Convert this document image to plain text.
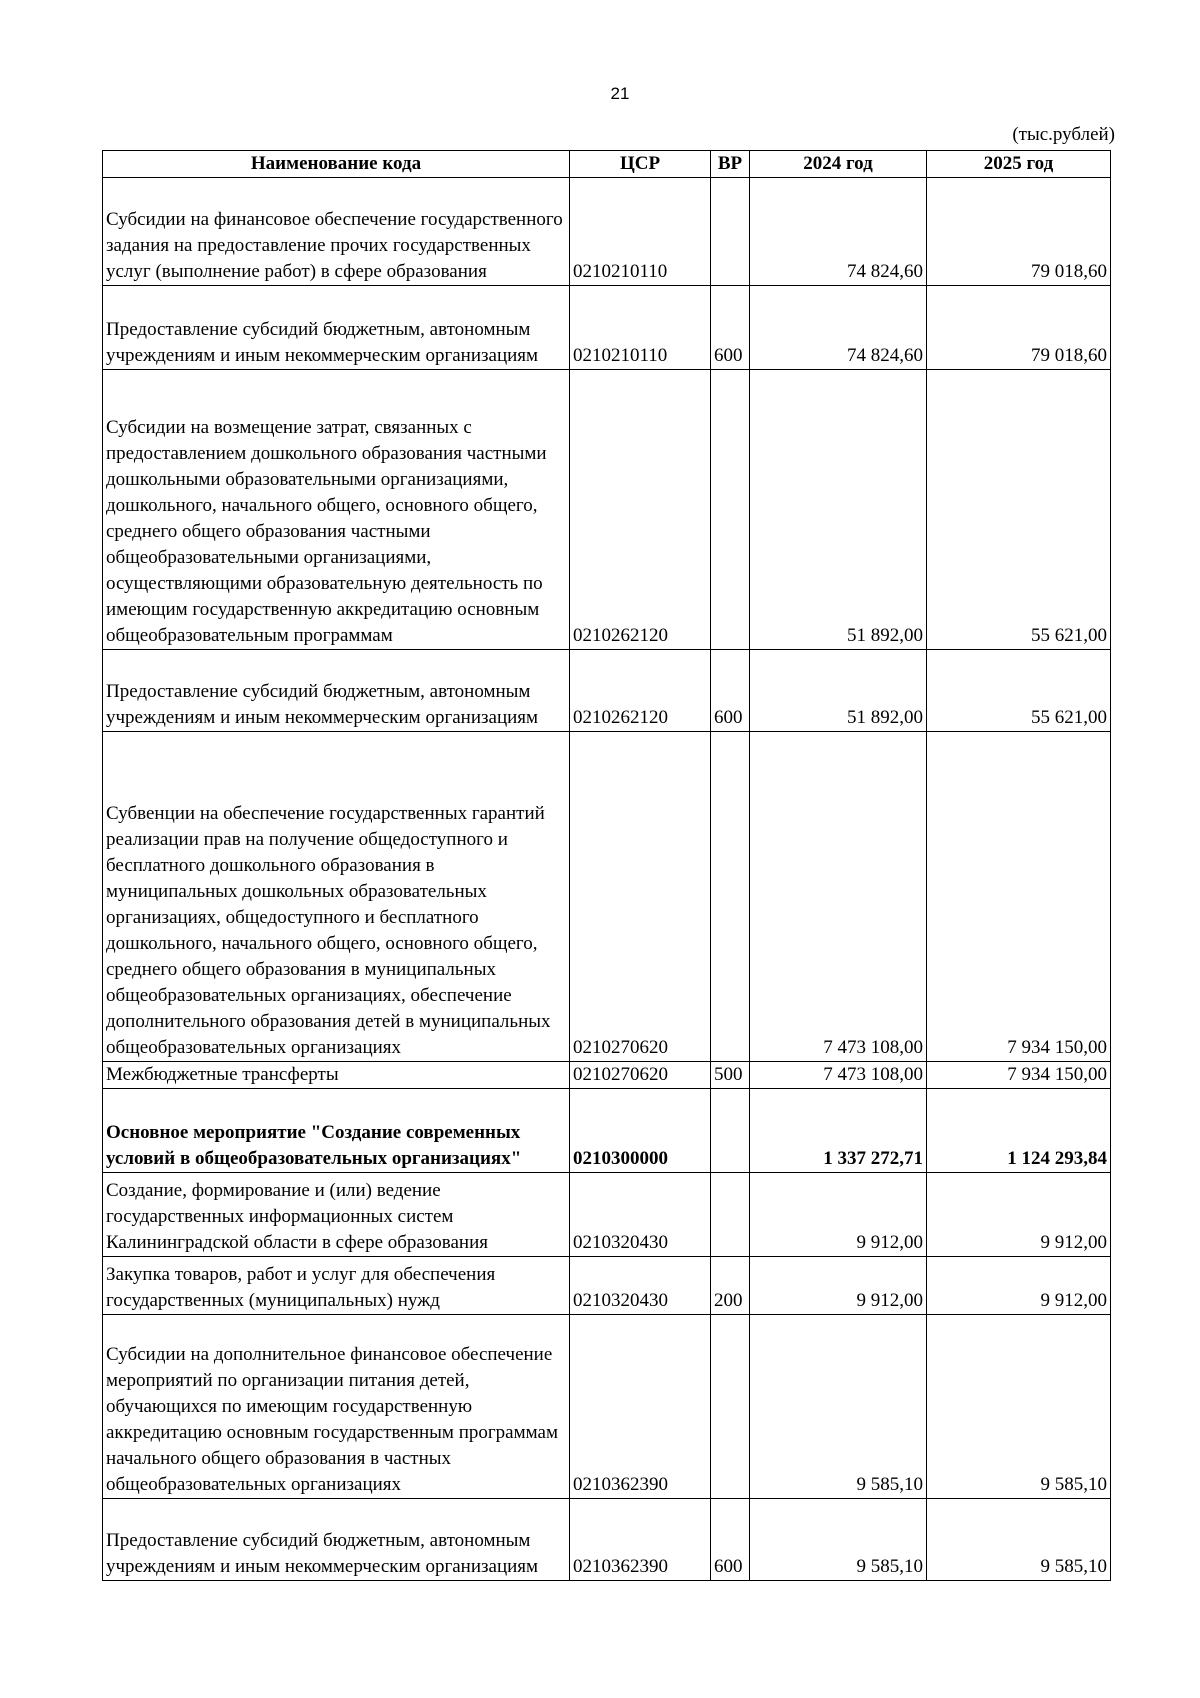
21
(тыс.рублей)
Наименование кода	ЦСР	ВР	2024 год	2025 год
Субсидии на финансовое обеспечение государственного задания на предоставление прочих государственных услуг (выполнение работ) в сфере образования	0210210110		74 824,60	79 018,60
Предоставление субсидий бюджетным, автономным учреждениям и иным некоммерческим организациям	0210210110	600	74 824,60	79 018,60
Субсидии на возмещение затрат, связанных с предоставлением дошкольного образования частными дошкольными образовательными организациями, дошкольного, начального общего, основного общего, среднего общего образования частными общеобразовательными организациями, осуществляющими образовательную деятельность по имеющим государственную аккредитацию основным общеобразовательным программам	0210262120		51 892,00	55 621,00
Предоставление субсидий бюджетным, автономным учреждениям и иным некоммерческим организациям	0210262120	600	51 892,00	55 621,00
Субвенции на обеспечение государственных гарантий реализации прав на получение общедоступного и бесплатного дошкольного образования в муниципальных дошкольных образовательных организациях, общедоступного и бесплатного дошкольного, начального общего, основного общего, среднего общего образования в муниципальных общеобразовательных организациях, обеспечение дополнительного образования детей в муниципальных общеобразовательных организациях	0210270620		7 473 108,00	7 934 150,00
Межбюджетные трансферты	0210270620	500	7 473 108,00	7 934 150,00
Основное мероприятие "Создание современных условий в общеобразовательных организациях"	0210300000		1 337 272,71	1 124 293,84
Создание, формирование и (или) ведение государственных информационных систем Калининградской области в сфере образования	0210320430		9 912,00	9 912,00
Закупка товаров, работ и услуг для обеспечения государственных (муниципальных) нужд	0210320430	200	9 912,00	9 912,00
Субсидии на дополнительное финансовое обеспечение мероприятий по организации питания детей, обучающихся по имеющим государственную аккредитацию основным государственным программам начального общего образования в частных общеобразовательных организациях	0210362390		9 585,10	9 585,10
Предоставление субсидий бюджетным, автономным учреждениям и иным некоммерческим организациям	0210362390	600	9 585,10	9 585,10
